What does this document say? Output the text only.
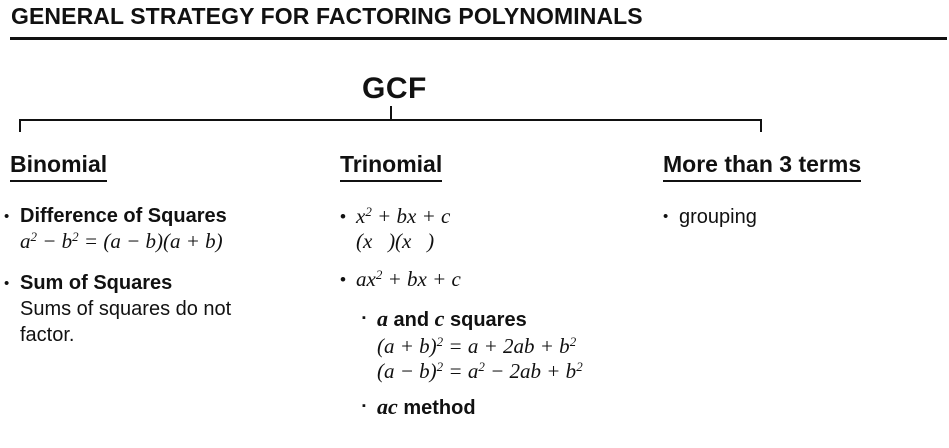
GENERAL STRATEGY FOR FACTORING POLYNOMINALS
GCF
Binomial
• Difference of Squares
$a^2 - b^2 = (a - b)(a + b)$
• Sum of Squares
Sums of squares do not factor.
Trinomial
• $x^2$ + bx + c
(x   )(x   )
• $ax^2$ + bx + c
▪ a and c squares
$(a + b)^2 = a + 2ab + b^2$
$(a - b)^2 = a^2 - 2ab + b^2$
▪ ac method
More than 3 terms
• grouping
